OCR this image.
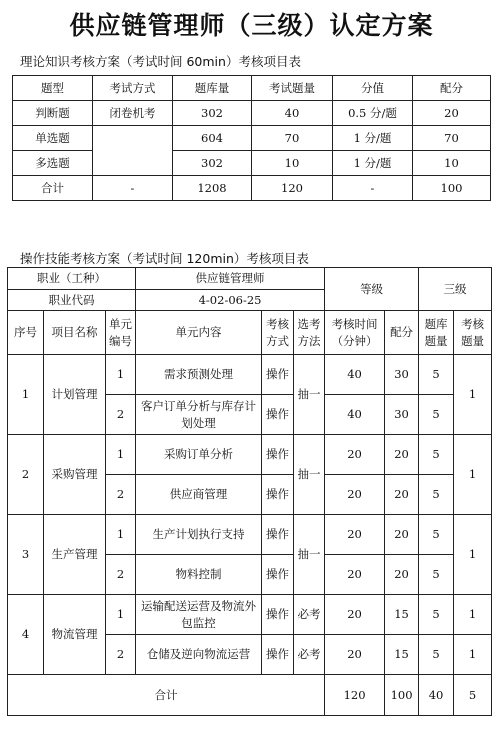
供应链管理师（三级）认定方案
理论知识考核方案（考试时间 60min）考核项目表
题型	考试方式	题库量	考试题量	分值	配分
判断题	闭卷机考	302	40	0.5 分/题	20
单选题		604	70	1 分/题	70
多选题		302	10	1 分/题	10
合计	-	1208	120	-	100
操作技能考核方案（考试时间 120min）考核项目表
职业（工种）			供应链管理师			等级		三级	
职业代码			4-02-06-25						
序号	项目名称	单元编号	单元内容	考核方式	选考方法	考核时间（分钟）	配分	题库题量	考核题量
1	计划管理	1	需求预测处理	操作	抽一	40	30	5	1
		2	客户订单分析与库存计划处理	操作		40	30	5	
2	采购管理	1	采购订单分析	操作	抽一	20	20	5	1
		2	供应商管理	操作		20	20	5	
3	生产管理	1	生产计划执行支持	操作	抽一	20	20	5	1
		2	物料控制	操作		20	20	5	
4	物流管理	1	运输配送运营及物流外包监控	操作	必考	20	15	5	1
		2	仓储及逆向物流运营	操作	必考	20	15	5	1
合计						120	100	40	5
